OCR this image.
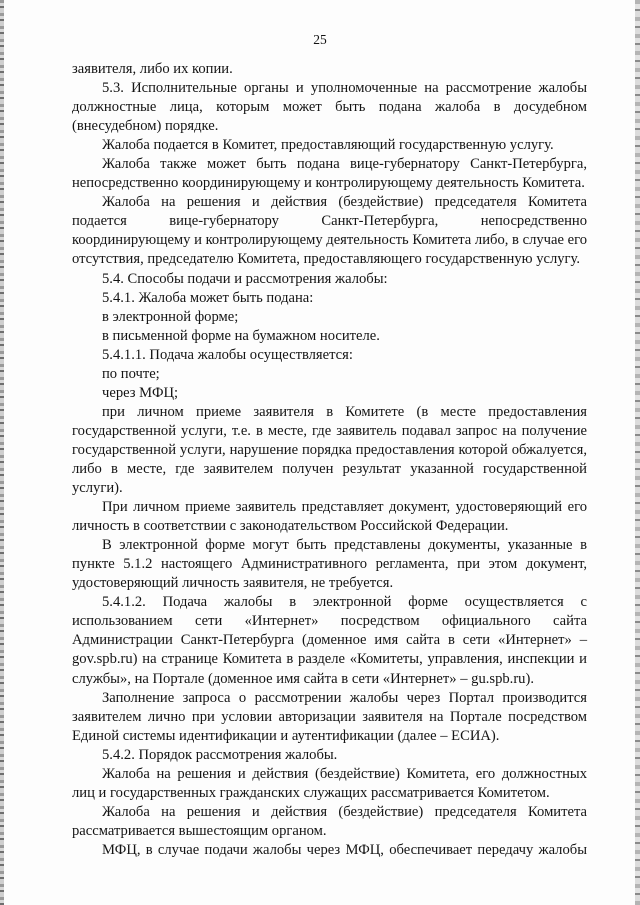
25

заявителя, либо их копии.

5.3. Исполнительные органы и уполномоченные на рассмотрение жалобы должностные лица, которым может быть подана жалоба в досудебном (внесудебном) порядке.

Жалоба подается в Комитет, предоставляющий государственную услугу.

Жалоба также может быть подана вице-губернатору Санкт-Петербурга, непосредственно координирующему и контролирующему деятельность Комитета.

Жалоба на решения и действия (бездействие) председателя Комитета подается вице-губернатору Санкт-Петербурга, непосредственно координирующему и контролирующему деятельность Комитета либо, в случае его отсутствия, председателю Комитета, предоставляющего государственную услугу.

5.4. Способы подачи и рассмотрения жалобы:

5.4.1. Жалоба может быть подана:

в электронной форме;

в письменной форме на бумажном носителе.

5.4.1.1. Подача жалобы осуществляется:

по почте;

через МФЦ;

при личном приеме заявителя в Комитете (в месте предоставления государственной услуги, т.е. в месте, где заявитель подавал запрос на получение государственной услуги, нарушение порядка предоставления которой обжалуется, либо в месте, где заявителем получен результат указанной государственной услуги).

При личном приеме заявитель представляет документ, удостоверяющий его личность в соответствии с законодательством Российской Федерации.

В электронной форме могут быть представлены документы, указанные в пункте 5.1.2 настоящего Административного регламента, при этом документ, удостоверяющий личность заявителя, не требуется.

5.4.1.2. Подача жалобы в электронной форме осуществляется с использованием сети «Интернет» посредством официального сайта Администрации Санкт-Петербурга (доменное имя сайта в сети «Интернет» – gov.spb.ru) на странице Комитета в разделе «Комитеты, управления, инспекции и службы», на Портале (доменное имя сайта в сети «Интернет» – gu.spb.ru).

Заполнение запроса о рассмотрении жалобы через Портал производится заявителем лично при условии авторизации заявителя на Портале посредством Единой системы идентификации и аутентификации (далее – ЕСИА).

5.4.2. Порядок рассмотрения жалобы.

Жалоба на решения и действия (бездействие) Комитета, его должностных лиц и государственных гражданских служащих рассматривается Комитетом.

Жалоба на решения и действия (бездействие) председателя Комитета рассматривается вышестоящим органом.

МФЦ, в случае подачи жалобы через МФЦ, обеспечивает передачу жалобы
